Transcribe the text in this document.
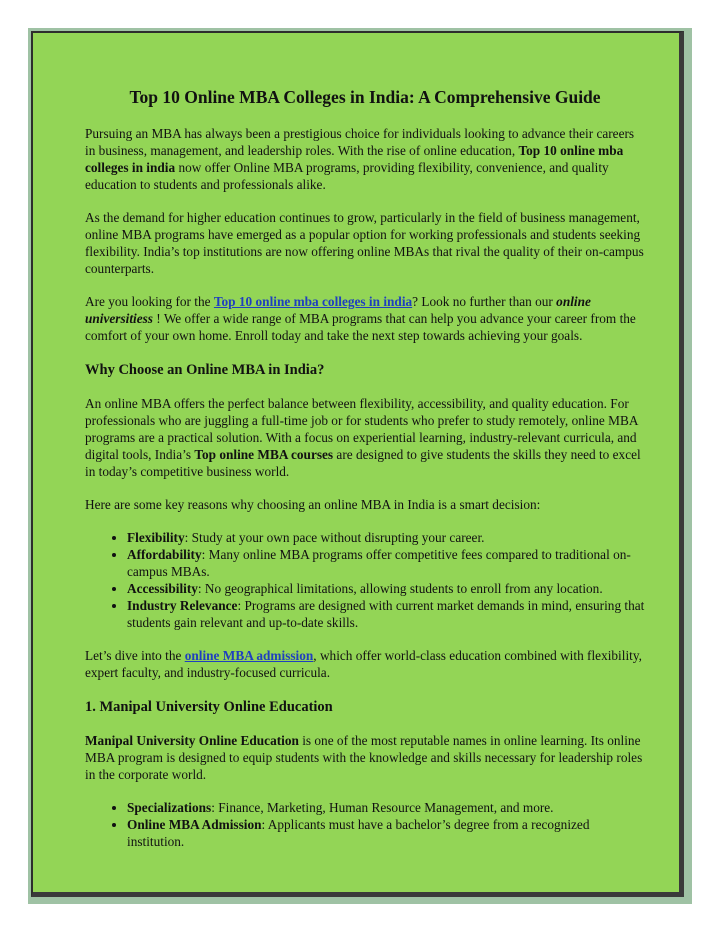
Top 10 Online MBA Colleges in India: A Comprehensive Guide

Pursuing an MBA has always been a prestigious choice for individuals looking to advance their careers in business, management, and leadership roles. With the rise of online education, Top 10 online mba colleges in india now offer Online MBA programs, providing flexibility, convenience, and quality education to students and professionals alike.

As the demand for higher education continues to grow, particularly in the field of business management, online MBA programs have emerged as a popular option for working professionals and students seeking flexibility. India’s top institutions are now offering online MBAs that rival the quality of their on-campus counterparts.

Are you looking for the Top 10 online mba colleges in india? Look no further than our online universitiess ! We offer a wide range of MBA programs that can help you advance your career from the comfort of your own home. Enroll today and take the next step towards achieving your goals.

Why Choose an Online MBA in India?

An online MBA offers the perfect balance between flexibility, accessibility, and quality education. For professionals who are juggling a full-time job or for students who prefer to study remotely, online MBA programs are a practical solution. With a focus on experiential learning, industry-relevant curricula, and digital tools, India’s Top online MBA courses are designed to give students the skills they need to excel in today’s competitive business world.

Here are some key reasons why choosing an online MBA in India is a smart decision:

• Flexibility: Study at your own pace without disrupting your career.
• Affordability: Many online MBA programs offer competitive fees compared to traditional on-campus MBAs.
• Accessibility: No geographical limitations, allowing students to enroll from any location.
• Industry Relevance: Programs are designed with current market demands in mind, ensuring that students gain relevant and up-to-date skills.

Let’s dive into the online MBA admission, which offer world-class education combined with flexibility, expert faculty, and industry-focused curricula.

1. Manipal University Online Education

Manipal University Online Education is one of the most reputable names in online learning. Its online MBA program is designed to equip students with the knowledge and skills necessary for leadership roles in the corporate world.

• Specializations: Finance, Marketing, Human Resource Management, and more.
• Online MBA Admission: Applicants must have a bachelor’s degree from a recognized institution.
